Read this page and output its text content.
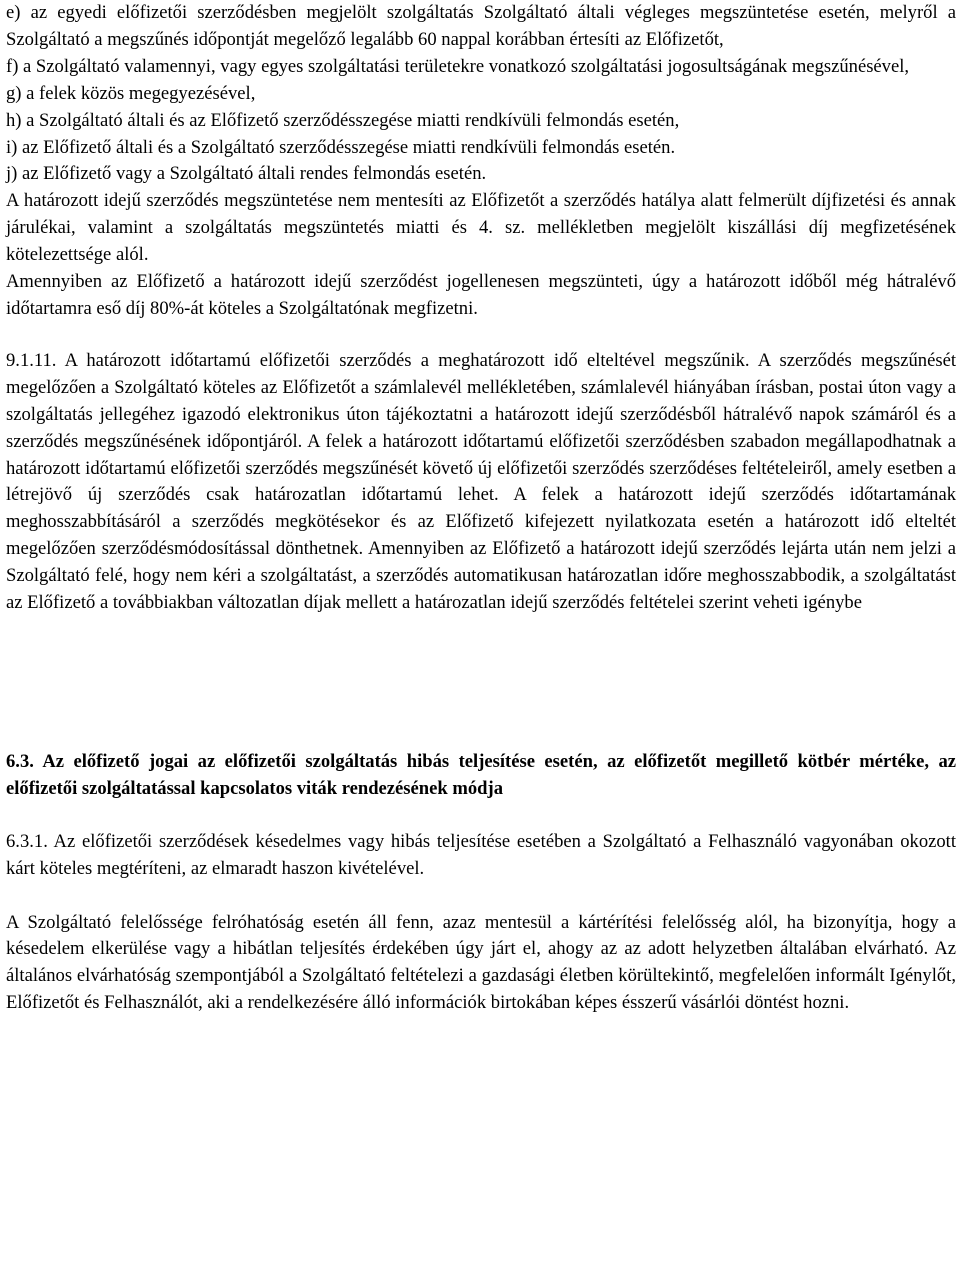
e) az egyedi előfizetői szerződésben megjelölt szolgáltatás Szolgáltató általi végleges megszüntetése esetén, melyről a Szolgáltató a megszűnés időpontját megelőző legalább 60 nappal korábban értesíti az Előfizetőt,

f) a Szolgáltató valamennyi, vagy egyes szolgáltatási területekre vonatkozó szolgáltatási jogosultságának megszűnésével,

g) a felek közös megegyezésével,

h) a Szolgáltató általi és az Előfizető szerződésszegése miatti rendkívüli felmondás esetén,

i) az Előfizető általi és a Szolgáltató szerződésszegése miatti rendkívüli felmondás esetén.

j) az Előfizető vagy a Szolgáltató általi rendes felmondás esetén.

A határozott idejű szerződés megszüntetése nem mentesíti az Előfizetőt a szerződés hatálya alatt felmerült díjfizetési és annak járulékai, valamint a szolgáltatás megszüntetés miatti és 4. sz. mellékletben megjelölt kiszállási díj megfizetésének kötelezettsége alól.

Amennyiben az Előfizető a határozott idejű szerződést jogellenesen megszünteti, úgy a határozott időből még hátralévő időtartamra eső díj 80%-át köteles a Szolgáltatónak megfizetni.

9.1.11. A határozott időtartamú előfizetői szerződés a meghatározott idő elteltével megszűnik. A szerződés megszűnését megelőzően a Szolgáltató köteles az Előfizetőt a számlalevél mellékletében, számlalevél hiányában írásban, postai úton vagy a szolgáltatás jellegéhez igazodó elektronikus úton tájékoztatni a határozott idejű szerződésből hátralévő napok számáról és a szerződés megszűnésének időpontjáról. A felek a határozott időtartamú előfizetői szerződésben szabadon megállapodhatnak a határozott időtartamú előfizetői szerződés megszűnését követő új előfizetői szerződés szerződéses feltételeiről, amely esetben a létrejövő új szerződés csak határozatlan időtartamú lehet. A felek a határozott idejű szerződés időtartamának meghosszabbításáról a szerződés megkötésekor és az Előfizető kifejezett nyilatkozata esetén a határozott idő elteltét megelőzően szerződésmódosítással dönthetnek. Amennyiben az Előfizető a határozott idejű szerződés lejárta után nem jelzi a Szolgáltató felé, hogy nem kéri a szolgáltatást, a szerződés automatikusan határozatlan időre meghosszabbodik, a szolgáltatást az Előfizető a továbbiakban változatlan díjak mellett a határozatlan idejű szerződés feltételei szerint veheti igénybe

6.3. Az előfizető jogai az előfizetői szolgáltatás hibás teljesítése esetén, az előfizetőt megillető kötbér mértéke, az előfizetői szolgáltatással kapcsolatos viták rendezésének módja

6.3.1. Az előfizetői szerződések késedelmes vagy hibás teljesítése esetében a Szolgáltató a Felhasználó vagyonában okozott kárt köteles megtéríteni, az elmaradt haszon kivételével.

A Szolgáltató felelőssége felróhatóság esetén áll fenn, azaz mentesül a kártérítési felelősség alól, ha bizonyítja, hogy a késedelem elkerülése vagy a hibátlan teljesítés érdekében úgy járt el, ahogy az az adott helyzetben általában elvárható. Az általános elvárhatóság szempontjából a Szolgáltató feltételezi a gazdasági életben körültekintő, megfelelően informált Igénylőt, Előfizetőt és Felhasználót, aki a rendelkezésére álló információk birtokában képes ésszerű vásárlói döntést hozni.
